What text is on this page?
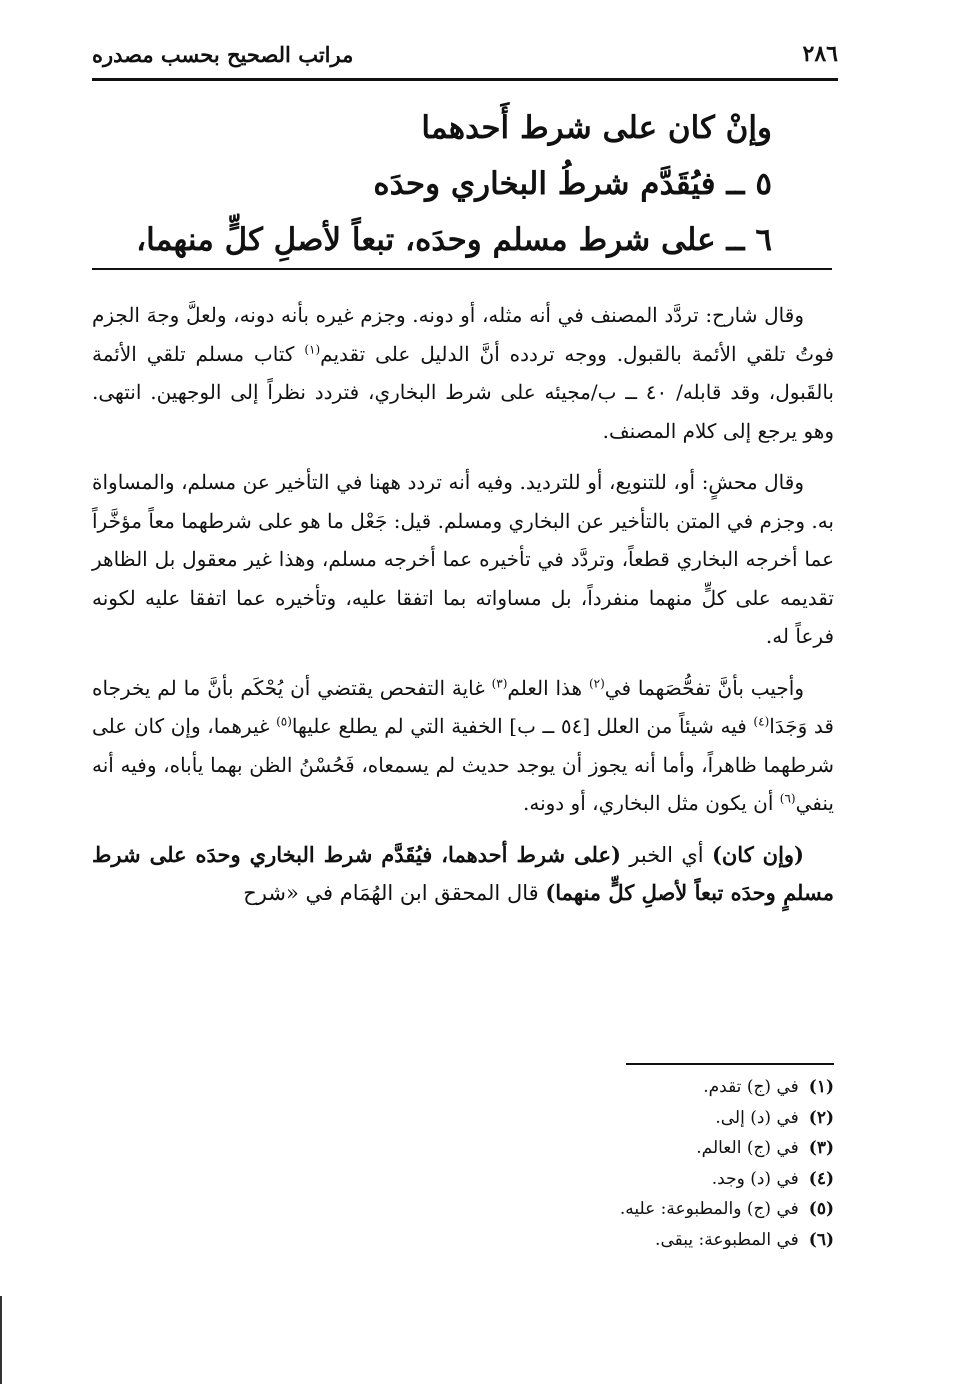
٢٨٦
مراتب الصحيح بحسب مصدره
وإنْ كان على شرط أَحدهما
٥ ــ فيُقَدَّم شرطُ البخاري وحدَه
٦ ــ على شرط مسلم وحدَه، تبعاً لأصلِ كلٍّ منهما،

وقال شارح: تردَّد المصنف في أنه مثله، أو دونه. وجزم غيره بأنه دونه، ولعلَّ وجهَ الجزم فوتُ تلقي الأئمة بالقبول. ووجه تردده أنَّ الدليل على تقديم$^{(١)}$ كتاب مسلم تلقي الأئمة بالقَبول، وقد قابله/ ٤٠ ــ ب/مجيئه على شرط البخاري، فتردد نظراً إلى الوجهين. انتهى. وهو يرجع إلى كلام المصنف.

وقال محشٍ: أو، للتنويع، أو للترديد. وفيه أنه تردد ههنا في التأخير عن مسلم، والمساواة به. وجزم في المتن بالتأخير عن البخاري ومسلم. قيل: جَعْل ما هو على شرطهما معاً مؤخَّراً عما أخرجه البخاري قطعاً، وتردَّد في تأخيره عما أخرجه مسلم، وهذا غير معقول بل الظاهر تقديمه على كلٍّ منهما منفرداً، بل مساواته بما اتفقا عليه، وتأخيره عما اتفقا عليه لكونه فرعاً له.

وأجيب بأنَّ تفحُّصَهما في$^{(٢)}$ هذا العلم$^{(٣)}$ غاية التفحص يقتضي أن يُحْكَم بأنَّ ما لم يخرجاه قد وَجَدَا$^{(٤)}$ فيه شيئاً من العلل [٥٤ ــ ب] الخفية التي لم يطلع عليها$^{(٥)}$ غيرهما، وإن كان على شرطهما ظاهراً، وأما أنه يجوز أن يوجد حديث لم يسمعاه، فَحُسْنُ الظن بهما يأباه، وفيه أنه ينفي$^{(٦)}$ أن يكون مثل البخاري، أو دونه.

(وإن كان) أي الخبر (على شرط أحدهما، فيُقَدَّم شرط البخاري وحدَه على شرط مسلمٍ وحدَه تبعاً لأصلِ كلٍّ منهما) قال المحقق ابن الهُمَام في «شرح

(١)في (ج) تقدم.
(٢)في (د) إلى.
(٣)في (ج) العالم.
(٤)في (د) وجد.
(٥)في (ج) والمطبوعة: عليه.
(٦)في المطبوعة: يبقى.
